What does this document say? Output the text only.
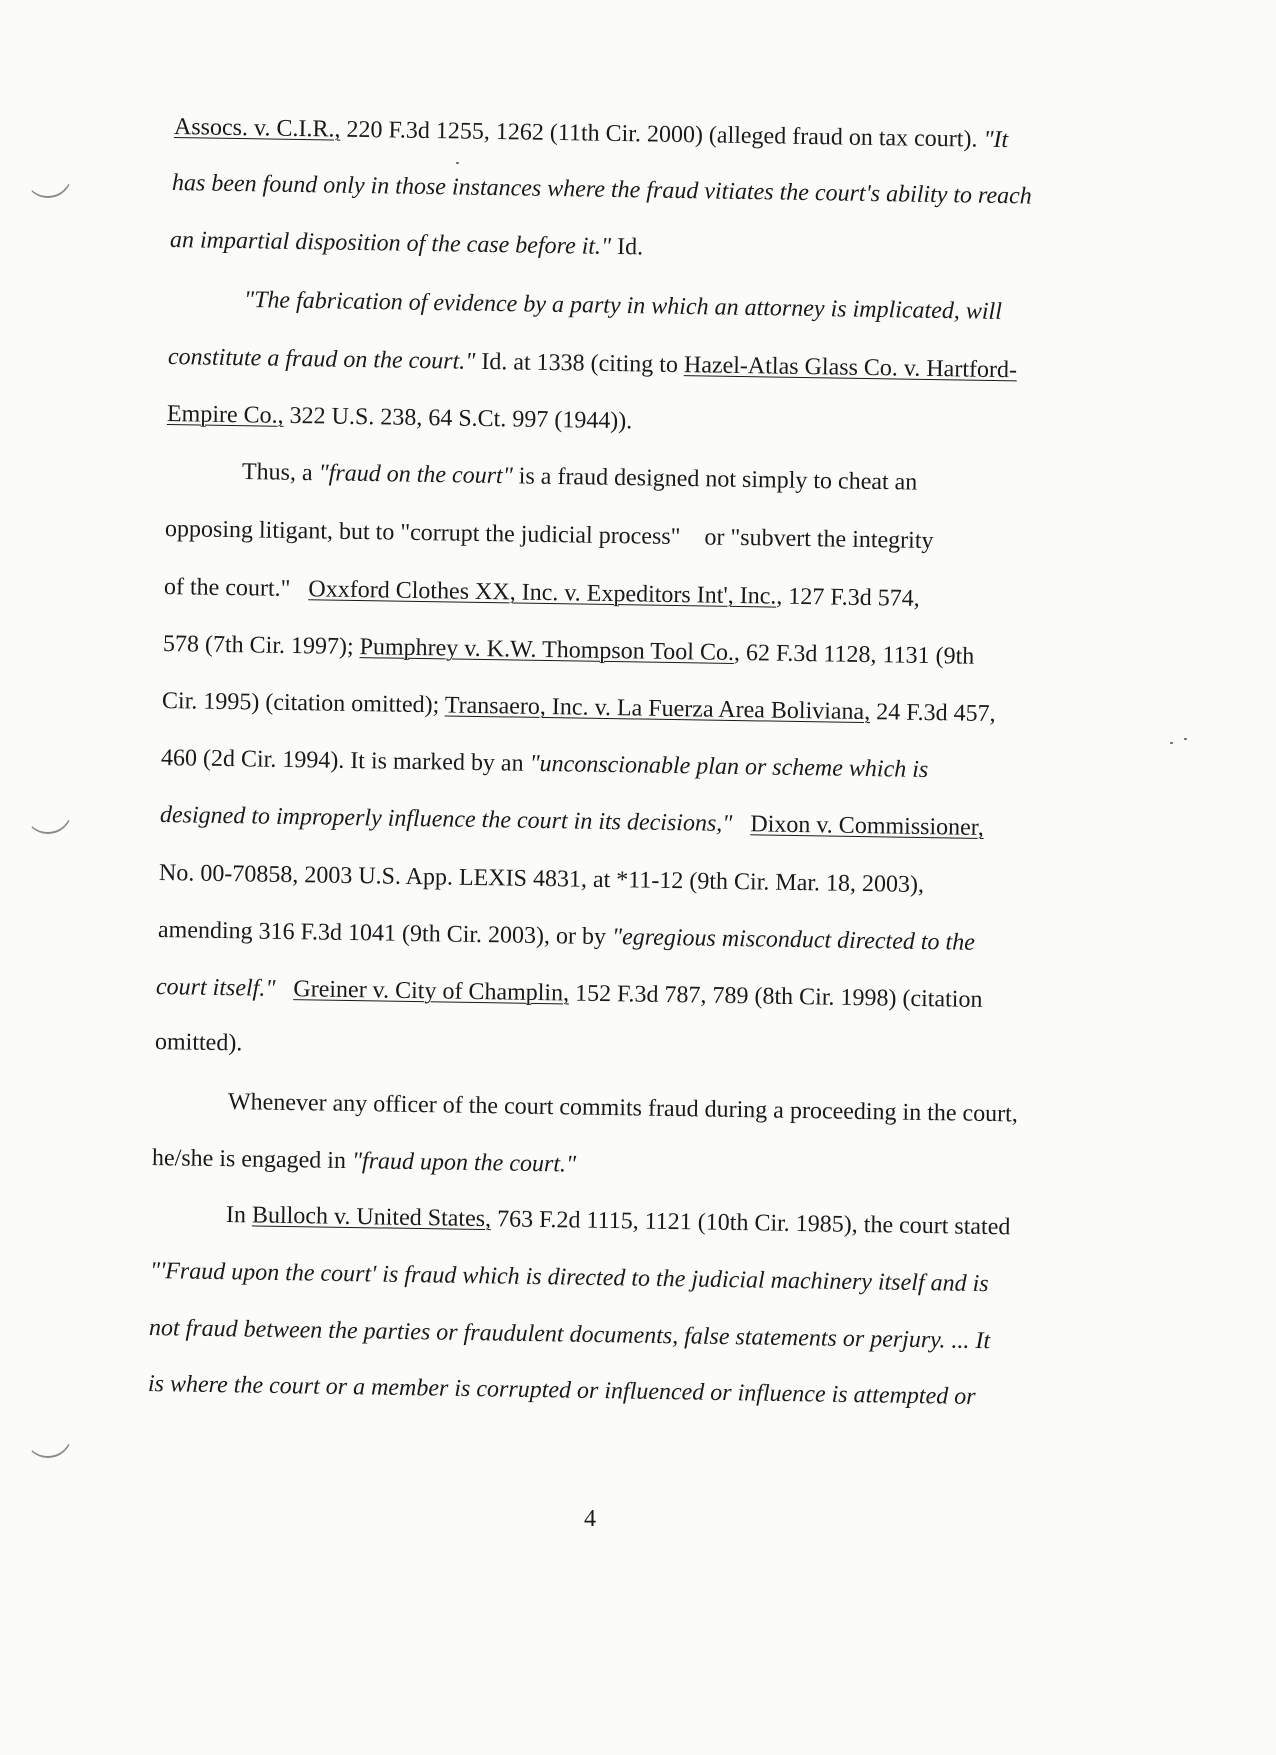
Assocs. v. C.I.R., 220 F.3d 1255, 1262 (11th Cir. 2000) (alleged fraud on tax court). "It
has been found only in those instances where the fraud vitiates the court's ability to reach
an impartial disposition of the case before it." Id.
"The fabrication of evidence by a party in which an attorney is implicated, will
constitute a fraud on the court." Id. at 1338 (citing to Hazel-Atlas Glass Co. v. Hartford-
Empire Co., 322 U.S. 238, 64 S.Ct. 997 (1944)).
Thus, a "fraud on the court" is a fraud designed not simply to cheat an
opposing litigant, but to "corrupt the judicial process"    or "subvert the integrity
of the court."   Oxxford Clothes XX, Inc. v. Expeditors Int', Inc., 127 F.3d 574,
578 (7th Cir. 1997); Pumphrey v. K.W. Thompson Tool Co., 62 F.3d 1128, 1131 (9th
Cir. 1995) (citation omitted); Transaero, Inc. v. La Fuerza Area Boliviana, 24 F.3d 457,
460 (2d Cir. 1994). It is marked by an "unconscionable plan or scheme which is
designed to improperly influence the court in its decisions," Dixon v. Commissioner,
No. 00-70858, 2003 U.S. App. LEXIS 4831, at *11-12 (9th Cir. Mar. 18, 2003),
amending 316 F.3d 1041 (9th Cir. 2003), or by "egregious misconduct directed to the
court itself." Greiner v. City of Champlin, 152 F.3d 787, 789 (8th Cir. 1998) (citation
omitted).
Whenever any officer of the court commits fraud during a proceeding in the court,
he/she is engaged in "fraud upon the court."
In Bulloch v. United States, 763 F.2d 1115, 1121 (10th Cir. 1985), the court stated
"'Fraud upon the court' is fraud which is directed to the judicial machinery itself and is
not fraud between the parties or fraudulent documents, false statements or perjury. ... It
is where the court or a member is corrupted or influenced or influence is attempted or
4
